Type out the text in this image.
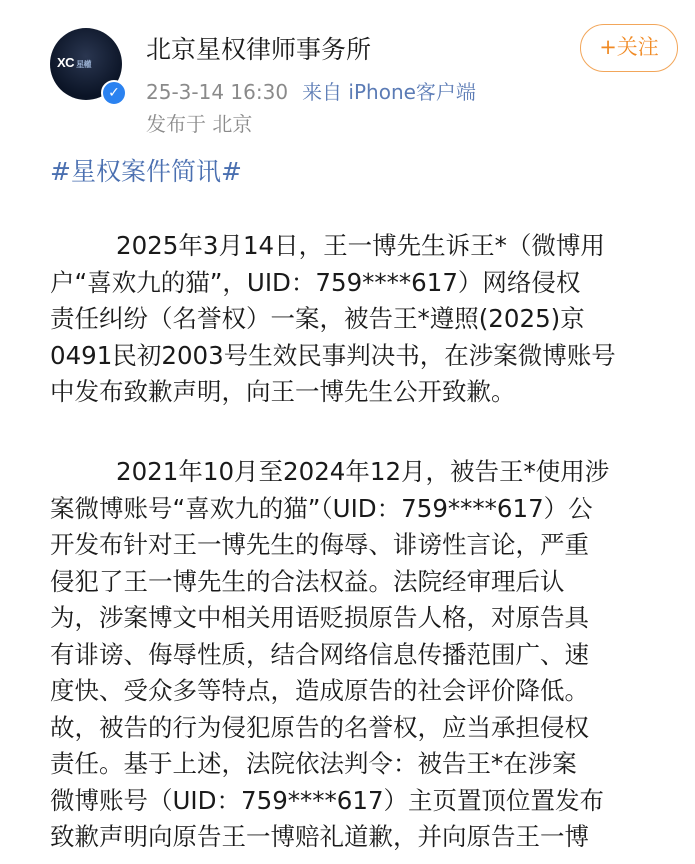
XC 星權
✓
北京星权律师事务所
25-3-14 16:30 来自 iPhone客户端
发布于 北京
+关注
#星权案件简讯#
2025年3月14日，王一博先生诉王*（微博用
户“喜欢九的猫”，UID：759****617）网络侵权
责任纠纷（名誉权）一案，被告王*遵照(2025)京
0491民初2003号生效民事判决书，在涉案微博账号
中发布致歉声明，向王一博先生公开致歉。
2021年10月至2024年12月，被告王*使用涉
案微博账号“喜欢九的猫”（UID：759****617）公
开发布针对王一博先生的侮辱、诽谤性言论，严重
侵犯了王一博先生的合法权益。法院经审理后认
为，涉案博文中相关用语贬损原告人格，对原告具
有诽谤、侮辱性质，结合网络信息传播范围广、速
度快、受众多等特点，造成原告的社会评价降低。
故，被告的行为侵犯原告的名誉权，应当承担侵权
责任。基于上述，法院依法判令：被告王*在涉案
微博账号（UID：759****617）主页置顶位置发布
致歉声明向原告王一博赔礼道歉，并向原告王一博
